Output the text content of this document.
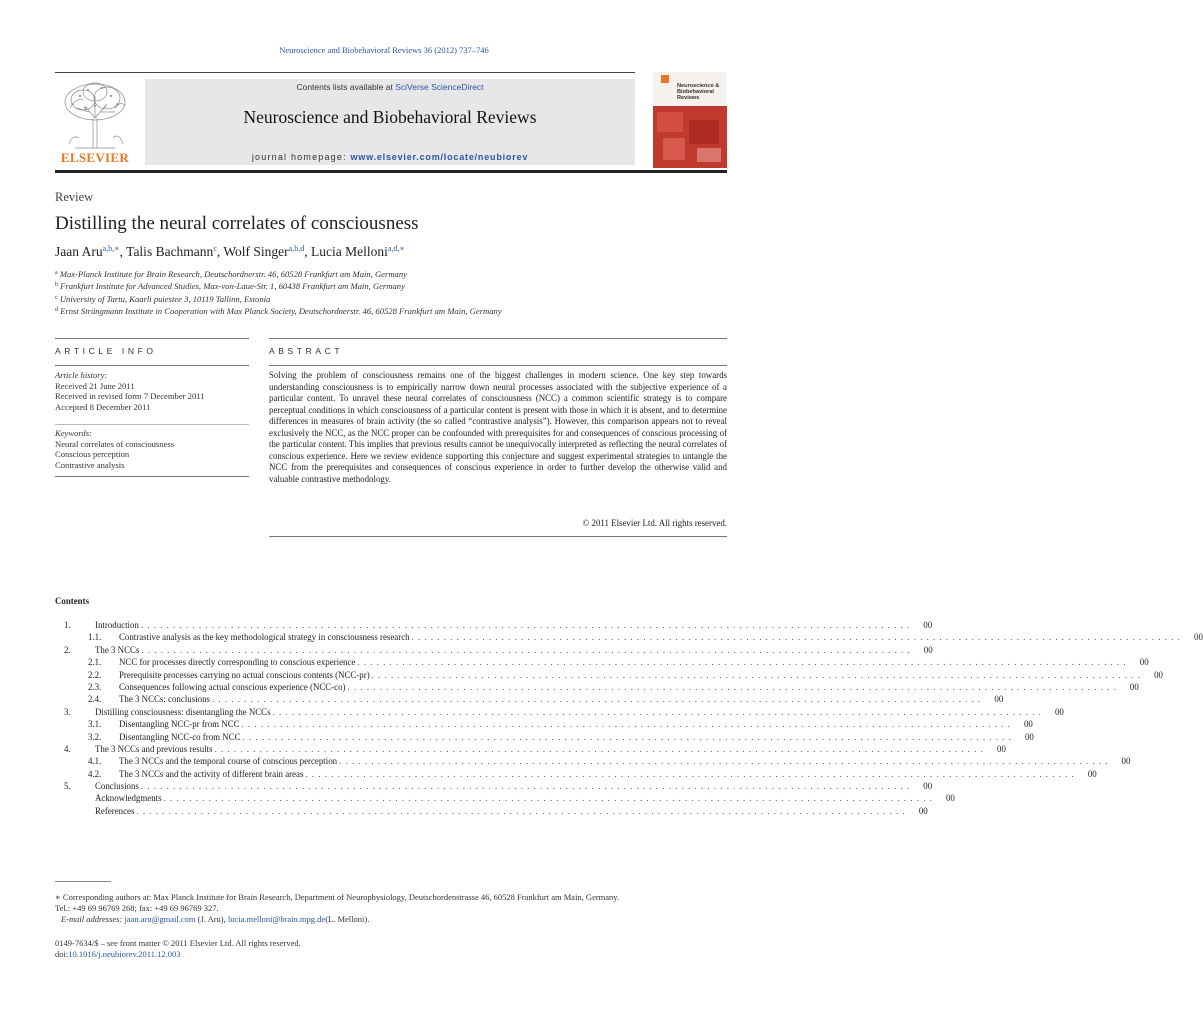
Neuroscience and Biobehavioral Reviews 36 (2012) 737–746
ELSEVIER
Contents lists available at SciVerse ScienceDirect
Neuroscience and Biobehavioral Reviews
journal homepage: www.elsevier.com/locate/neubiorev
Neuroscience & Biobehavioral Reviews
Review
Distilling the neural correlates of consciousness
Jaan Aru$^{a,b,∗}$, Talis Bachmann$^c$, Wolf Singer$^{a,b,d}$, Lucia Melloni$^{a,d,∗}$
$^a$ Max-Planck Institute for Brain Research, Deutschordnerstr. 46, 60528 Frankfurt am Main, Germany
$^b$ Frankfurt Institute for Advanced Studies, Max-von-Laue-Str. 1, 60438 Frankfurt am Main, Germany
$^c$ University of Tartu, Kaarli puiestee 3, 10119 Tallinn, Estonia
$^d$ Ernst Strüngmann Institute in Cooperation with Max Planck Society, Deutschordnerstr. 46, 60528 Frankfurt am Main, Germany
ARTICLE INFO	ABSTRACT
Article history:
Received 21 June 2011
Received in revised form 7 December 2011
Accepted 8 December 2011
Keywords:
Neural correlates of consciousness
Conscious perception
Contrastive analysis
Solving the problem of consciousness remains one of the biggest challenges in modern science. One key step towards understanding consciousness is to empirically narrow down neural processes associated with the subjective experience of a particular content. To unravel these neural correlates of consciousness (NCC) a common scientific strategy is to compare perceptual conditions in which consciousness of a particular content is present with those in which it is absent, and to determine differences in measures of brain activity (the so called “contrastive analysis”). However, this comparison appears not to reveal exclusively the NCC, as the NCC proper can be confounded with prerequisites for and consequences of conscious processing of the particular content. This implies that previous results cannot be unequivocally interpreted as reflecting the neural correlates of conscious experience. Here we review evidence supporting this conjecture and suggest experimental strategies to untangle the NCC from the prerequisites and consequences of conscious experience in order to further develop the otherwise valid and valuable contrastive methodology.
© 2011 Elsevier Ltd. All rights reserved.
Contents
1.	Introduction . . . . . . . . . . . . . . . . . . . . . . . . . . . . . . . . . . . . . . . . . . . . . . . . . . . . . . . . . . . . . . . . . . . . . . . . . . . . . . . . . . . . . . . . . . . . . . . . . . . . . . . . . . . . . . . . . . . . . . . .	00
1.1.	Contrastive analysis as the key methodological strategy in consciousness research . . . . . . . . . . . . . . . . . . . . . . . . . . . . . . . . . . . . . . . . . . . . . . . . . . . . . . . . . . . . . . . . . . . . . . . . . . . . . . . . . . . . . . . . . . . . . . . . . . . . . . . . . . . . . . . . . . . . . . . .	00
2.	The 3 NCCs . . . . . . . . . . . . . . . . . . . . . . . . . . . . . . . . . . . . . . . . . . . . . . . . . . . . . . . . . . . . . . . . . . . . . . . . . . . . . . . . . . . . . . . . . . . . . . . . . . . . . . . . . . . . . . . . . . . . . . . .	00
2.1.	NCC for processes directly corresponding to conscious experience . . . . . . . . . . . . . . . . . . . . . . . . . . . . . . . . . . . . . . . . . . . . . . . . . . . . . . . . . . . . . . . . . . . . . . . . . . . . . . . . . . . . . . . . . . . . . . . . . . . . . . . . . . . . . . . . . . . . . . . .	00
2.2.	Prerequisite processes carrying no actual conscious contents (NCC-pr) . . . . . . . . . . . . . . . . . . . . . . . . . . . . . . . . . . . . . . . . . . . . . . . . . . . . . . . . . . . . . . . . . . . . . . . . . . . . . . . . . . . . . . . . . . . . . . . . . . . . . . . . . . . . . . . . . . . . . . . .	00
2.3.	Consequences following actual conscious experience (NCC-co) . . . . . . . . . . . . . . . . . . . . . . . . . . . . . . . . . . . . . . . . . . . . . . . . . . . . . . . . . . . . . . . . . . . . . . . . . . . . . . . . . . . . . . . . . . . . . . . . . . . . . . . . . . . . . . . . . . . . . . . .	00
2.4.	The 3 NCCs: conclusions . . . . . . . . . . . . . . . . . . . . . . . . . . . . . . . . . . . . . . . . . . . . . . . . . . . . . . . . . . . . . . . . . . . . . . . . . . . . . . . . . . . . . . . . . . . . . . . . . . . . . . . . . . . . . . . . . . . . . . . .	00
3.	Distilling consciousness: disentangling the NCCs . . . . . . . . . . . . . . . . . . . . . . . . . . . . . . . . . . . . . . . . . . . . . . . . . . . . . . . . . . . . . . . . . . . . . . . . . . . . . . . . . . . . . . . . . . . . . . . . . . . . . . . . . . . . . . . . . . . . . . . .	00
3.1.	Disentangling NCC-pr from NCC . . . . . . . . . . . . . . . . . . . . . . . . . . . . . . . . . . . . . . . . . . . . . . . . . . . . . . . . . . . . . . . . . . . . . . . . . . . . . . . . . . . . . . . . . . . . . . . . . . . . . . . . . . . . . . . . . . . . . . . .	00
3.2.	Disentangling NCC-co from NCC . . . . . . . . . . . . . . . . . . . . . . . . . . . . . . . . . . . . . . . . . . . . . . . . . . . . . . . . . . . . . . . . . . . . . . . . . . . . . . . . . . . . . . . . . . . . . . . . . . . . . . . . . . . . . . . . . . . . . . . .	00
4.	The 3 NCCs and previous results . . . . . . . . . . . . . . . . . . . . . . . . . . . . . . . . . . . . . . . . . . . . . . . . . . . . . . . . . . . . . . . . . . . . . . . . . . . . . . . . . . . . . . . . . . . . . . . . . . . . . . . . . . . . . . . . . . . . . . . .	00
4.1.	The 3 NCCs and the temporal course of conscious perception . . . . . . . . . . . . . . . . . . . . . . . . . . . . . . . . . . . . . . . . . . . . . . . . . . . . . . . . . . . . . . . . . . . . . . . . . . . . . . . . . . . . . . . . . . . . . . . . . . . . . . . . . . . . . . . . . . . . . . . .	00
4.2.	The 3 NCCs and the activity of different brain areas . . . . . . . . . . . . . . . . . . . . . . . . . . . . . . . . . . . . . . . . . . . . . . . . . . . . . . . . . . . . . . . . . . . . . . . . . . . . . . . . . . . . . . . . . . . . . . . . . . . . . . . . . . . . . . . . . . . . . . . .	00
5.	Conclusions . . . . . . . . . . . . . . . . . . . . . . . . . . . . . . . . . . . . . . . . . . . . . . . . . . . . . . . . . . . . . . . . . . . . . . . . . . . . . . . . . . . . . . . . . . . . . . . . . . . . . . . . . . . . . . . . . . . . . . . .	00
Acknowledgments . . . . . . . . . . . . . . . . . . . . . . . . . . . . . . . . . . . . . . . . . . . . . . . . . . . . . . . . . . . . . . . . . . . . . . . . . . . . . . . . . . . . . . . . . . . . . . . . . . . . . . . . . . . . . . . . . . . . . . . .	00
References . . . . . . . . . . . . . . . . . . . . . . . . . . . . . . . . . . . . . . . . . . . . . . . . . . . . . . . . . . . . . . . . . . . . . . . . . . . . . . . . . . . . . . . . . . . . . . . . . . . . . . . . . . . . . . . . . . . . . . . .	00
∗ Corresponding authors at: Max Planck Institute for Brain Research, Department of Neurophysiology, Deutschordenstrasse 46, 60528 Frankfurt am Main, Germany.
Tel.: +49 69 96769 268; fax: +49 69 96769 327.
E-mail addresses: jaan.aru@gmail.com (J. Aru), lucia.melloni@brain.mpg.de(L. Melloni).
0149-7634/$ – see front matter © 2011 Elsevier Ltd. All rights reserved.
doi:10.1016/j.neubiorev.2011.12.003
